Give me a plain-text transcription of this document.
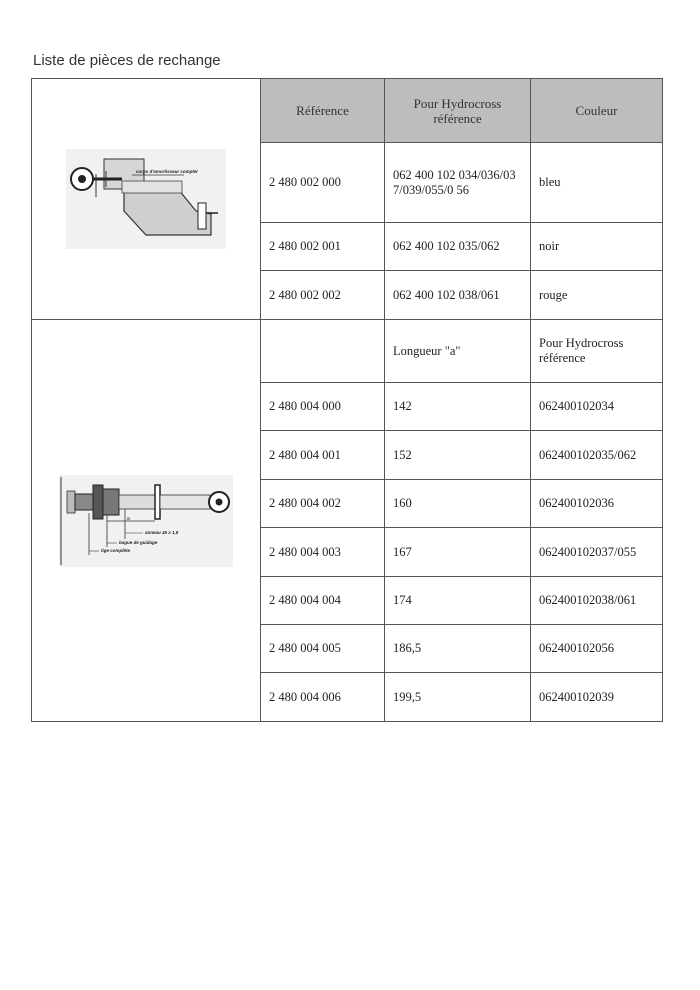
Liste de pièces de rechange
corps d'amortisseur complet	Référence	Pour Hydrocross référence	Couleur
	2 480 002 000	062 400 102 034/036/037/039/055/0 56	bleu
	2 480 002 001	062 400 102 035/062	noir
	2 480 002 002	062 400 102 038/061	rouge

a
anneau 45 x 1,5
bague de guidage
tige complète		Longueur "a"	Pour Hydrocross référence
	2 480 004 000	142	062400102034
	2 480 004 001	152	062400102035/062
	2 480 004 002	160	062400102036
	2 480 004 003	167	062400102037/055
	2 480 004 004	174	062400102038/061
	2 480 004 005	186,5	062400102056
	2 480 004 006	199,5	062400102039
